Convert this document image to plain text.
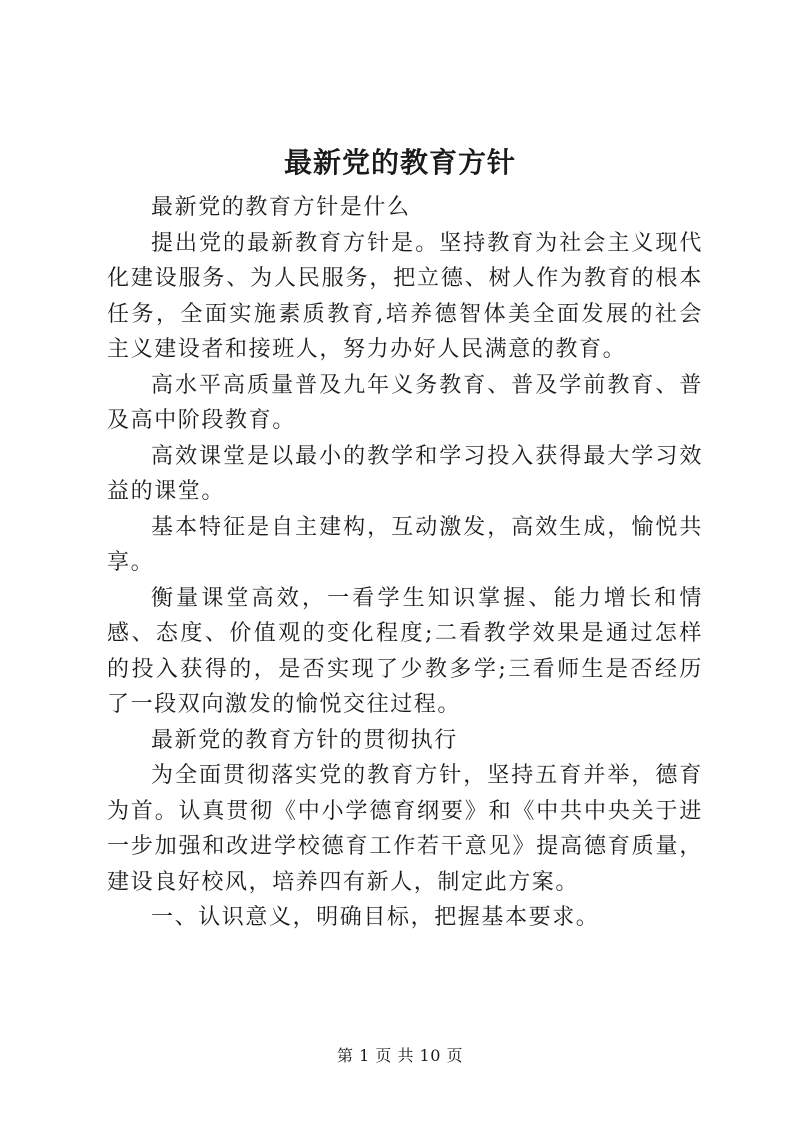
最新党的教育方针

最新党的教育方针是什么

提出党的最新教育方针是。坚持教育为社会主义现代化建设服务、为人民服务，把立德、树人作为教育的根本任务，全面实施素质教育,培养德智体美全面发展的社会主义建设者和接班人，努力办好人民满意的教育。

高水平高质量普及九年义务教育、普及学前教育、普及高中阶段教育。

高效课堂是以最小的教学和学习投入获得最大学习效益的课堂。

基本特征是自主建构，互动激发，高效生成，愉悦共享。

衡量课堂高效，一看学生知识掌握、能力增长和情感、态度、价值观的变化程度;二看教学效果是通过怎样的投入获得的，是否实现了少教多学;三看师生是否经历了一段双向激发的愉悦交往过程。

最新党的教育方针的贯彻执行

为全面贯彻落实党的教育方针，坚持五育并举，德育为首。认真贯彻《中小学德育纲要》和《中共中央关于进一步加强和改进学校德育工作若干意见》提高德育质量，建设良好校风，培养四有新人，制定此方案。

一、认识意义，明确目标，把握基本要求。

第 1 页 共 10 页
